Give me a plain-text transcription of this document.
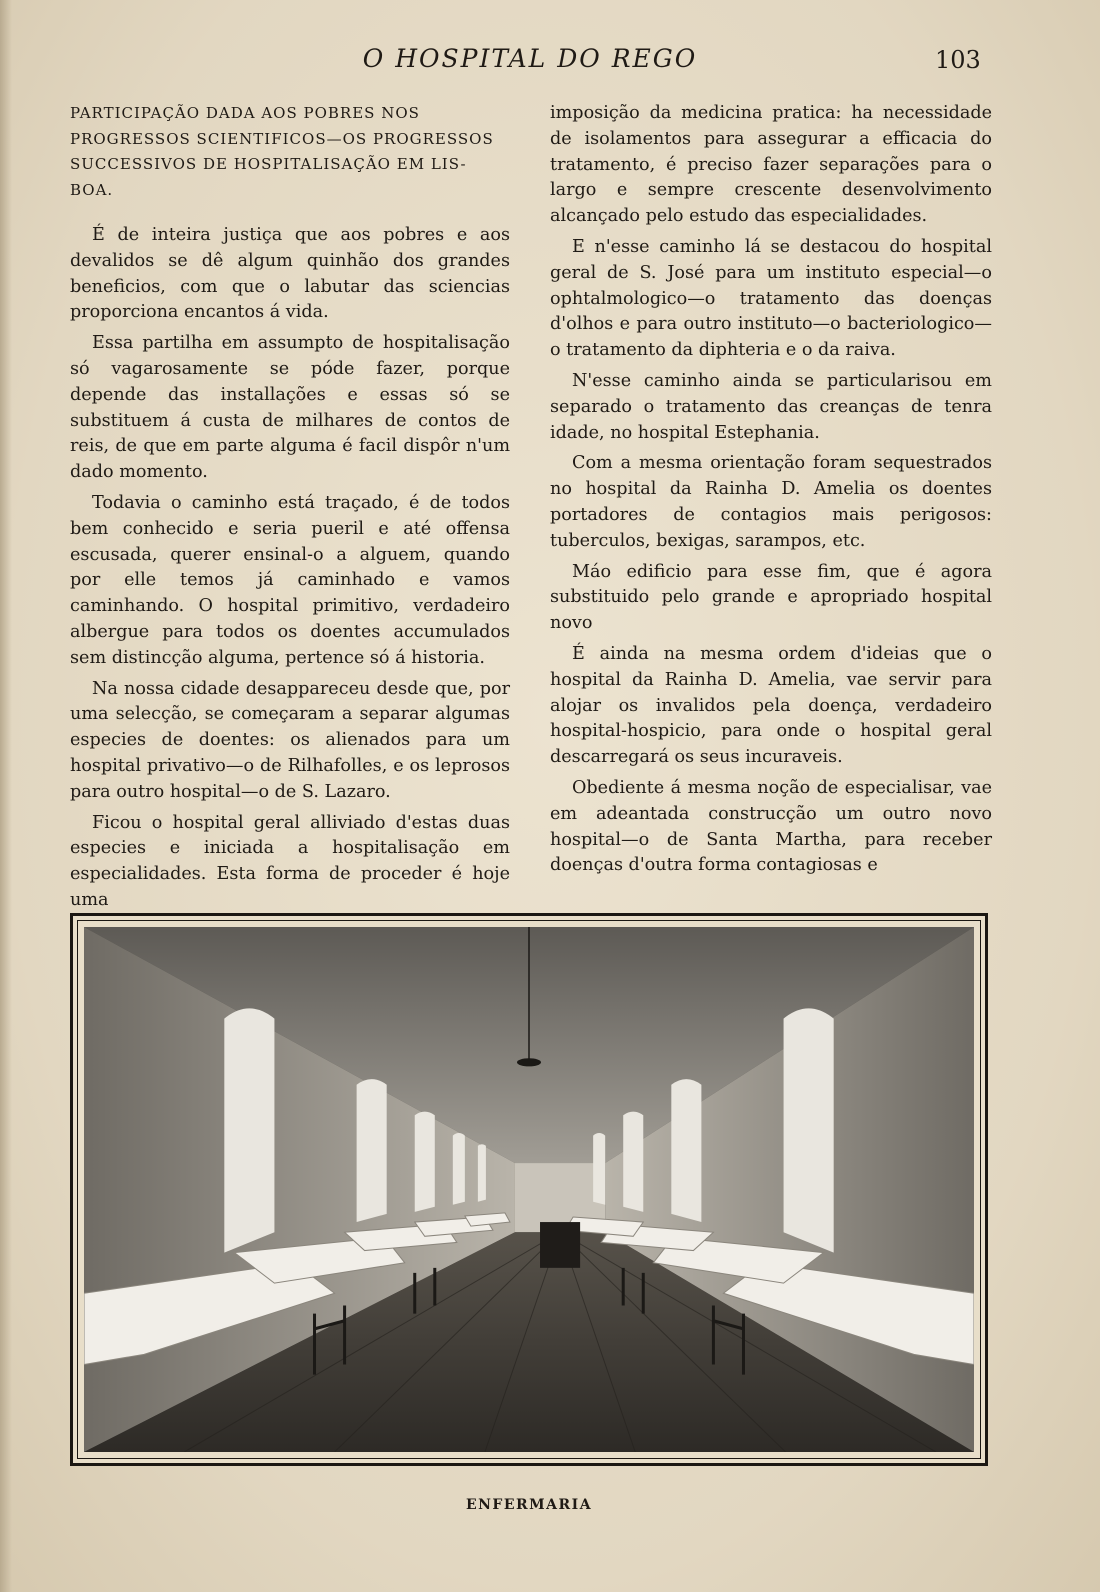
O HOSPITAL DO REGO	103
PARTICIPAÇÃO DADA AOS POBRES NOS
PROGRESSOS SCIENTIFICOS—OS PROGRESSOS
SUCCESSIVOS DE HOSPITALISAÇÃO EM LIS-
BOA.

É de inteira justiça que aos pobres e aos devalidos se dê algum quinhão dos grandes beneficios, com que o labutar das sciencias proporciona encantos á vida.

Essa partilha em assumpto de hospitalisação só vagarosamente se póde fazer, porque depende das installações e essas só se substituem á custa de milhares de contos de reis, de que em parte alguma é facil dispôr n'um dado momento.

Todavia o caminho está traçado, é de todos bem conhecido e seria pueril e até offensa escusada, querer ensinal-o a alguem, quando por elle temos já caminhado e vamos caminhando. O hospital primitivo, verdadeiro albergue para todos os doentes accumulados sem distincção alguma, pertence só á historia.

Na nossa cidade desappareceu desde que, por uma selecção, se começaram a separar algumas especies de doentes: os alienados para um hospital privativo—o de Rilhafolles, e os leprosos para outro hospital—o de S. Lazaro.

Ficou o hospital geral alliviado d'estas duas especies e iniciada a hospitalisação em especialidades. Esta forma de proceder é hoje uma

imposição da medicina pratica: ha necessidade de isolamentos para assegurar a efficacia do tratamento, é preciso fazer separações para o largo e sempre crescente desenvolvimento alcançado pelo estudo das especialidades.

E n'esse caminho lá se destacou do hospital geral de S. José para um instituto especial—o ophtalmologico—o tratamento das doenças d'olhos e para outro instituto—o bacteriologico—o tratamento da diphteria e o da raiva.

N'esse caminho ainda se particularisou em separado o tratamento das creanças de tenra idade, no hospital Estephania.

Com a mesma orientação foram sequestrados no hospital da Rainha D. Amelia os doentes portadores de contagios mais perigosos: tuberculos, bexigas, sarampos, etc.

Máo edificio para esse fim, que é agora substituido pelo grande e apropriado hospital novo

É ainda na mesma ordem d'ideias que o hospital da Rainha D. Amelia, vae servir para alojar os invalidos pela doença, verdadeiro hospital-hospicio, para onde o hospital geral descarregará os seus incuraveis.

Obediente á mesma noção de especialisar, vae em adeantada construcção um outro novo hospital—o de Santa Martha, para receber doenças d'outra forma contagiosas e

ENFERMARIA
